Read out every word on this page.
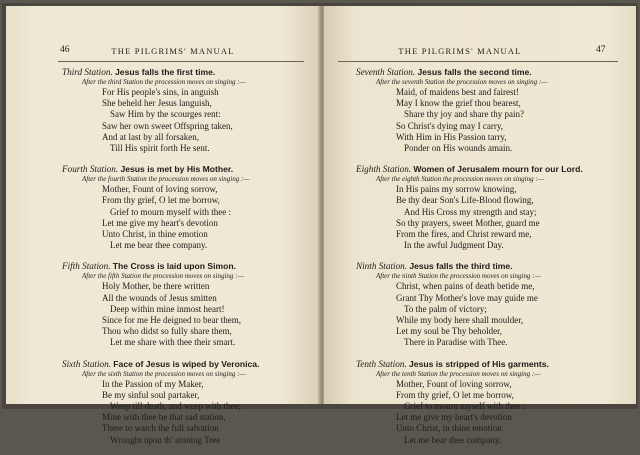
46	THE PILGRIMS' MANUAL
Third Station. Jesus falls the first time.
After the third Station the procession moves on singing :—
For His people's sins, in anguish
She beheld her Jesus languish,
Saw Him by the scourges rent:
Saw her own sweet Offspring taken,
And at last by all forsaken,
Till His spirit forth He sent.
Fourth Station. Jesus is met by His Mother.
After the fourth Station the procession moves on singing :—
Mother, Fount of loving sorrow,
From thy grief, O let me borrow,
Grief to mourn myself with thee :
Let me give my heart's devotion
Unto Christ, in thine emotion
Let me bear thee company.
Fifth Station. The Cross is laid upon Simon.
After the fifth Station the procession moves on singing :—
Holy Mother, be there written
All the wounds of Jesus smitten
Deep within mine inmost heart!
Since for me He deigned to bear them,
Thou who didst so fully share them,
Let me share with thee their smart.
Sixth Station. Face of Jesus is wiped by Veronica.
After the sixth Station the procession moves on singing :—
In the Passion of my Maker,
Be my sinful soul partaker,
Weep till death, and weep with thee;
Mine with thee be that sad station,
There to watch the full salvation
Wrought upon th' atoning Tree
THE PILGRIMS' MANUAL	47
Seventh Station. Jesus falls the second time.
After the seventh Station the procession moves on singing :—
Maid, of maidens best and fairest!
May I know the grief thou bearest,
Share thy joy and share thy pain?
So Christ's dying may I carry,
With Him in His Passion tarry,
Ponder on His wounds amain.
Eighth Station. Women of Jerusalem mourn for our Lord.
After the eighth Station the procession moves on singing :—
In His pains my sorrow knowing,
Be thy dear Son's Life-Blood flowing,
And His Cross my strength and stay;
So thy prayers, sweet Mother, guard me
From the fires, and Christ reward me,
In the awful Judgment Day.
Ninth Station. Jesus falls the third time.
After the ninth Station the procession moves on singing :—
Christ, when pains of death betide me,
Grant Thy Mother's love may guide me
To the palm of victory;
While my body here shall moulder,
Let my soul be Thy beholder,
There in Paradise with Thee.
Tenth Station. Jesus is stripped of His garments.
After the tenth Station the procession moves on singing :—
Mother, Fount of loving sorrow,
From thy grief, O let me borrow,
Grief to mourn myself with thee :
Let me give my heart's devotion
Unto Christ, in thine emotion
Let me bear thee company.
